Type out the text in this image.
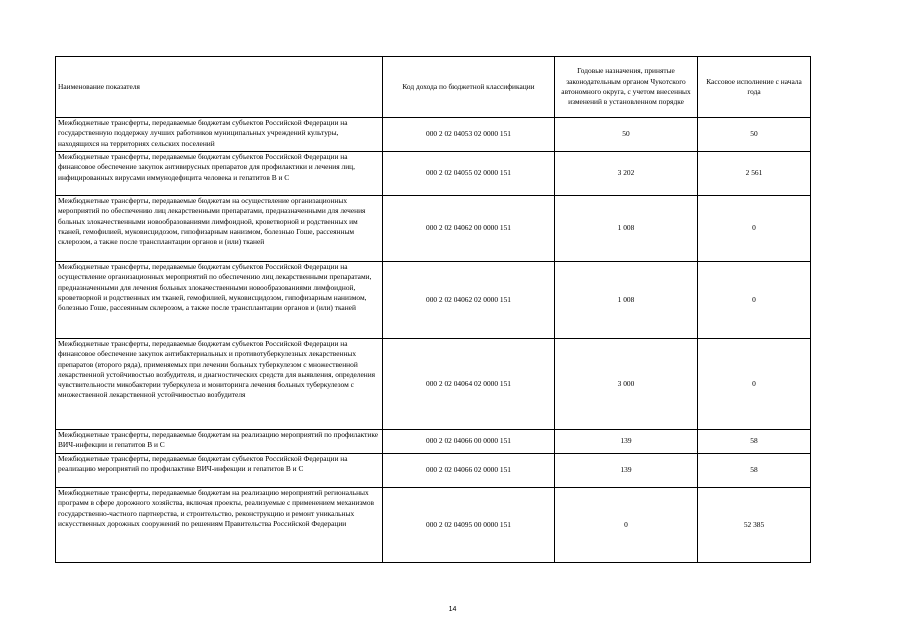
Наименование показателя	Код дохода по бюджетной классификации	Годовые назначения, принятые законодательным органом Чукотского автономного округа, с учетом внесенных изменений в установленном порядке	Кассовое исполнение с начала года
Межбюджетные трансферты, передаваемые бюджетам субъектов Российской Федерации на государственную поддержку лучших работников муниципальных учреждений культуры, находящихся на территориях сельских поселений	000 2 02 04053 02 0000 151	50	50
Межбюджетные трансферты, передаваемые бюджетам субъектов Российской Федерации на финансовое обеспечение закупок антивирусных препаратов для профилактики и лечения лиц, инфицированных вирусами иммунодефицита человека и гепатитов В и С	000 2 02 04055 02 0000 151	3 202	2 561
Межбюджетные трансферты, передаваемые бюджетам на осуществление организационных мероприятий по обеспечению лиц лекарственными препаратами, предназначенными для лечения больных злокачественными новообразованиями лимфоидной, кроветворной и родственных им тканей, гемофилией, муковисцидозом, гипофизарным нанизмом, болезнью Гоше, рассеянным склерозом, а также после трансплантации органов и (или) тканей	000 2 02 04062 00 0000 151	1 008	0
Межбюджетные трансферты, передаваемые бюджетам субъектов Российской Федерации на осуществление организационных мероприятий по обеспечению лиц лекарственными препаратами, предназначенными для лечения больных злокачественными новообразованиями лимфоидной, кроветворной и родственных им тканей, гемофилией, муковисцидозом, гипофизарным нанизмом, болезнью Гоше, рассеянным склерозом, а также после трансплантации органов и (или) тканей	000 2 02 04062 02 0000 151	1 008	0
Межбюджетные трансферты, передаваемые бюджетам субъектов Российской Федерации на финансовое обеспечение закупок антибактериальных и противотуберкулезных лекарственных препаратов (второго ряда), применяемых при лечении больных туберкулезом с множественной лекарственной устойчивостью возбудителя, и диагностических средств для выявления, определения чувствительности микобактерии туберкулеза и мониторинга лечения больных туберкулезом с множественной лекарственной устойчивостью возбудителя	000 2 02 04064 02 0000 151	3 000	0
Межбюджетные трансферты, передаваемые бюджетам на реализацию мероприятий по профилактике ВИЧ-инфекции и гепатитов В и С	000 2 02 04066 00 0000 151	139	58
Межбюджетные трансферты, передаваемые бюджетам субъектов Российской Федерации на реализацию мероприятий по профилактике ВИЧ-инфекции и гепатитов В и С	000 2 02 04066 02 0000 151	139	58
Межбюджетные трансферты, передаваемые бюджетам на реализацию мероприятий региональных программ в сфере дорожного хозяйства, включая проекты, реализуемые с применением механизмов государственно-частного партнерства, и строительство, реконструкцию и ремонт уникальных искусственных дорожных сооружений по решениям Правительства Российской Федерации	000 2 02 04095 00 0000 151	0	52 385
14
